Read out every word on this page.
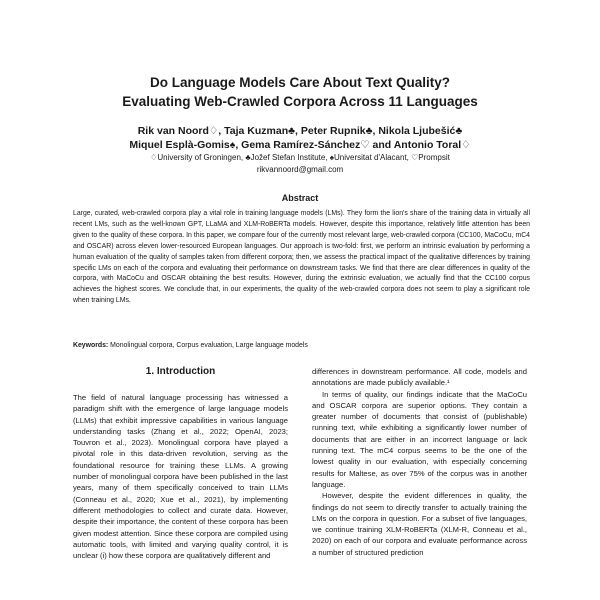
Do Language Models Care About Text Quality?
Evaluating Web-Crawled Corpora Across 11 Languages
Rik van Noord♢, Taja Kuzman♣, Peter Rupnik♣, Nikola Ljubešić♣
Miquel Esplà-Gomis♠, Gema Ramírez-Sánchez♡ and Antonio Toral♢
♢University of Groningen, ♣Jožef Stefan Institute, ♠Universitat d'Alacant, ♡Prompsit
rikvannoord@gmail.com
Abstract
Large, curated, web-crawled corpora play a vital role in training language models (LMs). They form the lion's share of the training data in virtually all recent LMs, such as the well-known GPT, LLaMA and XLM-RoBERTa models. However, despite this importance, relatively little attention has been given to the quality of these corpora. In this paper, we compare four of the currently most relevant large, web-crawled corpora (CC100, MaCoCu, mC4 and OSCAR) across eleven lower-resourced European languages. Our approach is two-fold: first, we perform an intrinsic evaluation by performing a human evaluation of the quality of samples taken from different corpora; then, we assess the practical impact of the qualitative differences by training specific LMs on each of the corpora and evaluating their performance on downstream tasks. We find that there are clear differences in quality of the corpora, with MaCoCu and OSCAR obtaining the best results. However, during the extrinsic evaluation, we actually find that the CC100 corpus achieves the highest scores. We conclude that, in our experiments, the quality of the web-crawled corpora does not seem to play a significant role when training LMs.
Keywords: Monolingual corpora, Corpus evaluation, Large language models
1. Introduction

The field of natural language processing has witnessed a paradigm shift with the emergence of large language models (LLMs) that exhibit impressive capabilities in various language understanding tasks (Zhang et al., 2022; OpenAI, 2023; Touvron et al., 2023). Monolingual corpora have played a pivotal role in this data-driven revolution, serving as the foundational resource for training these LLMs. A growing number of monolingual corpora have been published in the last years, many of them specifically conceived to train LLMs (Conneau et al., 2020; Xue et al., 2021), by implementing different methodologies to collect and curate data. However, despite their importance, the content of these corpora has been given modest attention. Since these corpora are compiled using automatic tools, with limited and varying quality control, it is unclear (i) how these corpora are qualitatively different and

differences in downstream performance. All code, models and annotations are made publicly available.¹

In terms of quality, our findings indicate that the MaCoCu and OSCAR corpora are superior options. They contain a greater number of documents that consist of (publishable) running text, while exhibiting a significantly lower number of documents that are either in an incorrect language or lack running text. The mC4 corpus seems to be the one of the lowest quality in our evaluation, with especially concerning results for Maltese, as over 75% of the corpus was in another language.

However, despite the evident differences in quality, the findings do not seem to directly transfer to actually training the LMs on the corpora in question. For a subset of five languages, we continue training XLM-RoBERTa (XLM-R, Conneau et al., 2020) on each of our corpora and evaluate performance across a number of structured prediction
